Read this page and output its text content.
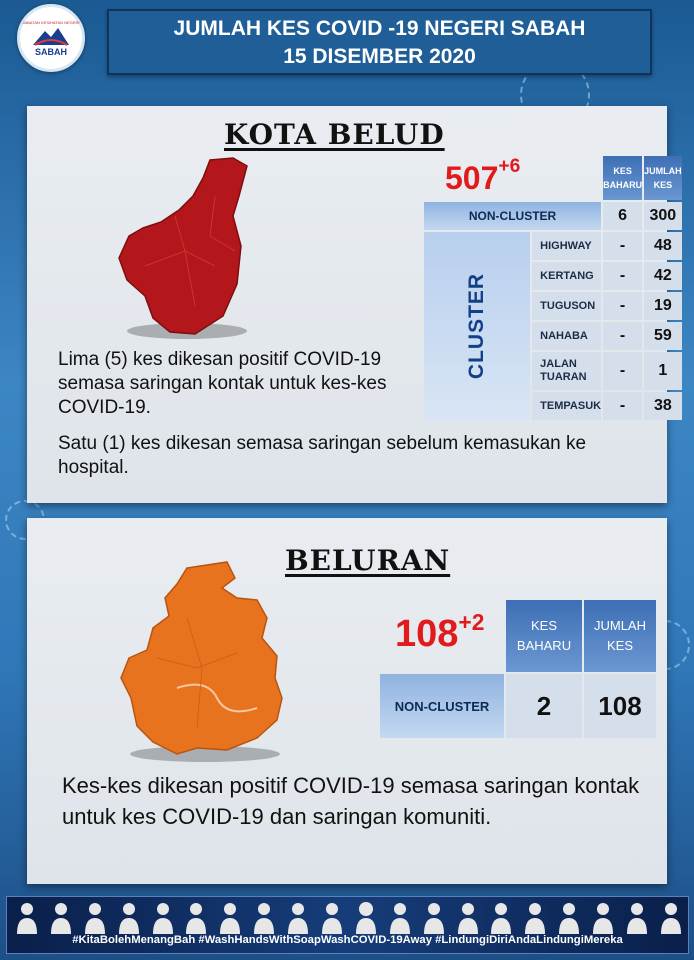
JABATAN KESIHATAN NEGERI
SABAH
JUMLAH KES COVID -19 NEGERI SABAH
15 DISEMBER 2020
KOTA BELUD
$507^{+6}$
			KES BAHARU	JUMLAH KES
NON-CLUSTER		6	300
CLUSTER	HIGHWAY	-	48
	KERTANG	-	42
	TUGUSON	-	19
	NAHABA	-	59
	JALAN TUARAN	-	1
	TEMPASUK	-	38
Lima (5) kes dikesan positif COVID-19 semasa saringan kontak untuk kes-kes COVID-19.
Satu (1) kes dikesan semasa saringan sebelum kemasukan ke hospital.
BELURAN
$108^{+2}$
		KES BAHARU	JUMLAH KES
NON-CLUSTER	2	108
Kes-kes dikesan positif COVID-19 semasa saringan kontak untuk kes COVID-19 dan saringan komuniti.
#KitaBolehMenangBah #WashHandsWithSoapWashCOVID-19Away #LindungiDiriAndaLindungiMereka
